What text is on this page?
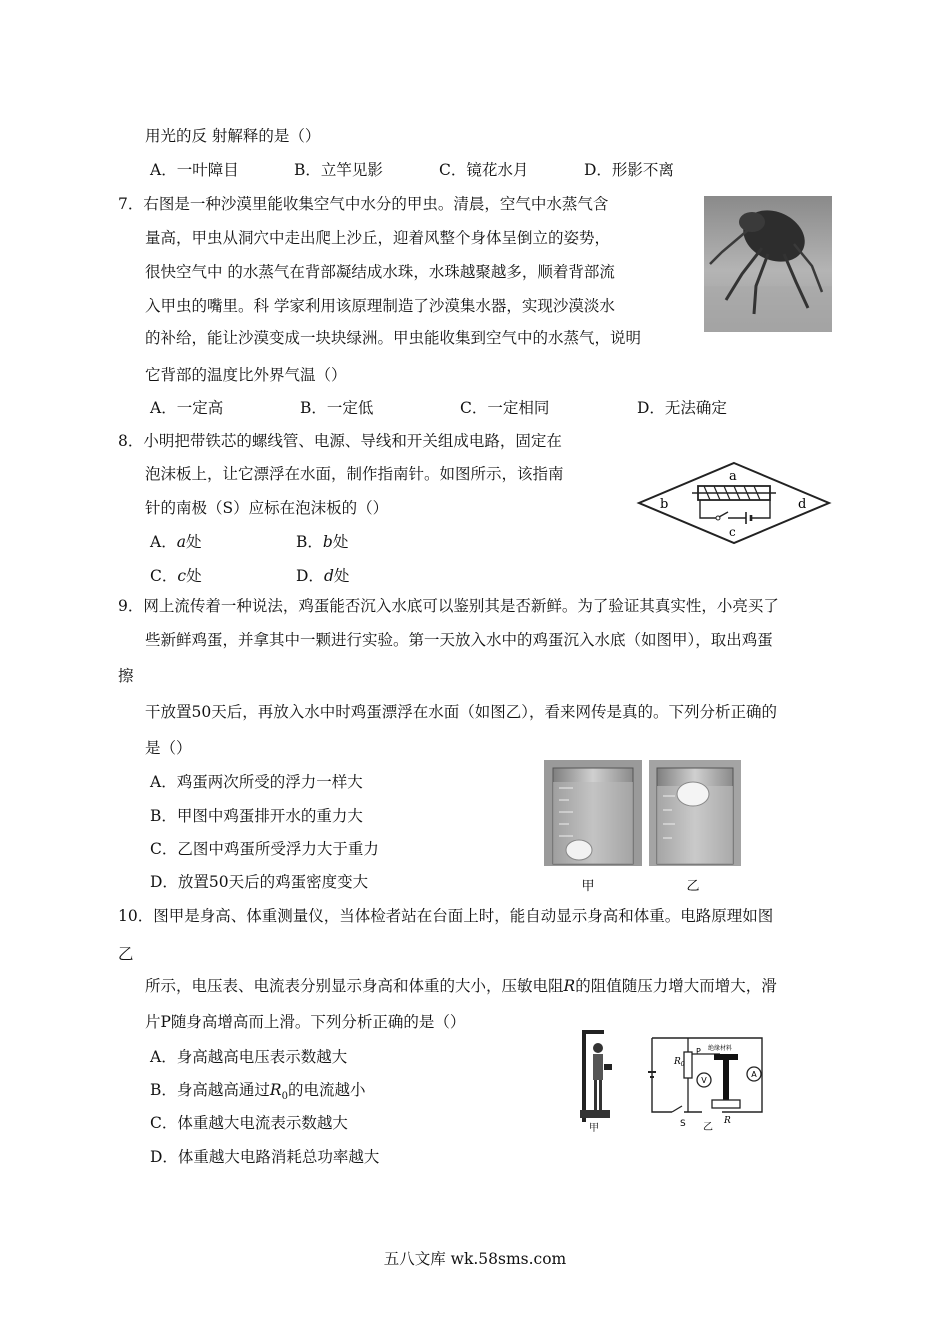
用光的反 射解释的是（）
A．一叶障目	B．立竿见影	C．镜花水月	D．形影不离
7．右图是一种沙漠里能收集空气中水分的甲虫。清晨，空气中水蒸气含
量高，甲虫从洞穴中走出爬上沙丘，迎着风整个身体呈倒立的姿势，
很快空气中 的水蒸气在背部凝结成水珠，水珠越聚越多，顺着背部流
入甲虫的嘴里。科 学家利用该原理制造了沙漠集水器，实现沙漠淡水
的补给，能让沙漠变成一块块绿洲。甲虫能收集到空气中的水蒸气，说明
它背部的温度比外界气温（）
A．一定高	B．一定低	C．一定相同	D．无法确定
8．小明把带铁芯的螺线管、电源、导线和开关组成电路，固定在
泡沫板上，让它漂浮在水面，制作指南针。如图所示，该指南
针的南极（S）应标在泡沫板的（）
A．a处	B．b处
C．c处	D．d处
a
b
c
d
9．网上流传着一种说法，鸡蛋能否沉入水底可以鉴别其是否新鲜。为了验证其真实性，小亮买了
些新鲜鸡蛋，并拿其中一颗进行实验。第一天放入水中的鸡蛋沉入水底（如图甲），取出鸡蛋
擦
干放置50天后，再放入水中时鸡蛋漂浮在水面（如图乙），看来网传是真的。下列分析正确的
是（）
A．鸡蛋两次所受的浮力一样大
B．甲图中鸡蛋排开水的重力大
C．乙图中鸡蛋所受浮力大于重力
D．放置50天后的鸡蛋密度变大	甲	乙
10．图甲是身高、体重测量仪，当体检者站在台面上时，能自动显示身高和体重。电路原理如图
乙
所示，电压表、电流表分别显示身高和体重的大小，压敏电阻R的阻值随压力增大而增大，滑
片P随身高增高而上滑。下列分析正确的是（）
A．身高越高电压表示数越大
B．身高越高通过$R_0$的电流越小
C．体重越大电流表示数越大
D．体重越大电路消耗总功率越大
甲	S
$R_0$
P
V
绝缘材料
R
A
乙
五八文库 wk.58sms.com
